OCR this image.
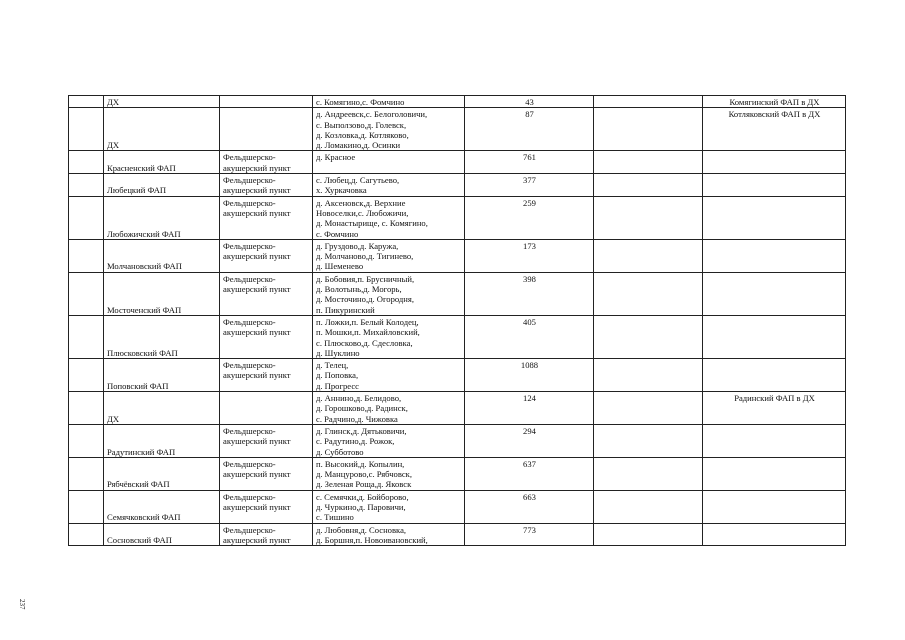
	ДХ		с. Комягино,с. Фомчино	43		Комягинский ФАП в ДХ
	ДХ		д. Андреевск,с. Белоголовичи,
с. Выползово,д. Голевск,
д. Козловка,д. Котляково,
д. Ломакино,д. Осинки	87		Котляковский ФАП в ДХ
	Красненский ФАП	Фельдшерско-
акушерский пункт	д. Красное	761		
	Любецкий ФАП	Фельдшерско-
акушерский пункт	с. Любец,д. Сагутьево,
х. Хуркачовка	377		
	Любожичский ФАП	Фельдшерско-
акушерский пункт	д. Аксеновск,д. Верхние
Новоселки,с. Любожичи,
д. Монастырище, с. Комягино,
с. Фомчино	259		
	Молчановский ФАП	Фельдшерско-
акушерский пункт	д. Груздово,д. Каружа,
д. Молчаново,д. Тигинево,
д. Шеменево	173		
	Мосточенский ФАП	Фельдшерско-
акушерский пункт	д. Бобовия,п. Брусничный,
д. Волотынь,д. Могорь,
д. Мосточино,д. Огородня,
п. Пикуринский	398		
	Плюсковский ФАП	Фельдшерско-
акушерский пункт	п. Ложки,п. Белый Колодец,
п. Мошки,п. Михайловский,
с. Плюсково,д. Сдесловка,
д. Шуклино	405		
	Поповский ФАП	Фельдшерско-
акушерский пункт	д. Телец,
д. Поповка,
д. Прогресс	1088		
	ДХ		д. Аннино,д. Белидово,
д. Горошково,д. Радинск,
с. Радчино,д. Чижовка	124		Радинский ФАП в ДХ
	Радутинский ФАП	Фельдшерско-
акушерский пункт	д. Глинск,д. Дятьковичи,
с. Радутино,д. Рожок,
д. Субботово	294		
	Рябчёвский ФАП	Фельдшерско-
акушерский пункт	п. Высокий,д. Копылин,
д. Манцурово,с. Рябчовск,
д. Зеленая Роща,д. Яковск	637		
	Семячковский ФАП	Фельдшерско-
акушерский пункт	с. Семячки,д. Бойборово,
д. Чуркино,д. Паровичи,
с. Тишино	663		
	Сосновский ФАП	Фельдшерско-
акушерский пункт	д. Любовня,д. Сосновка,
д. Боршня,п. Новоивановский,	773		
237
